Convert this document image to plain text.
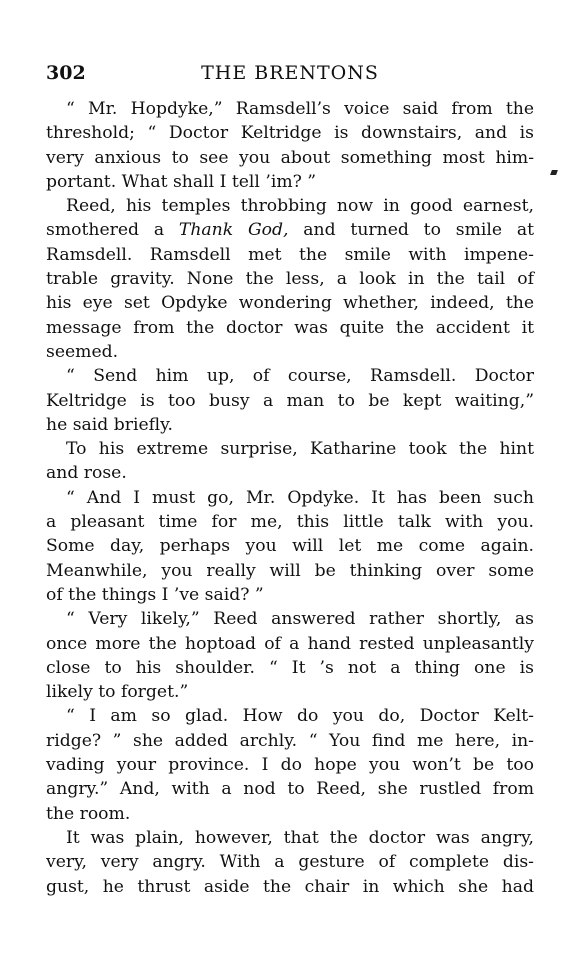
302	THE BRENTONS
“ Mr. Hopdyke,” Ramsdell’s voice said from the
threshold; “ Doctor Keltridge is downstairs, and is
very anxious to see you about something most him-
portant. What shall I tell ’im? ”
Reed, his temples throbbing now in good earnest,
smothered a Thank God, and turned to smile at
Ramsdell. Ramsdell met the smile with impene-
trable gravity. None the less, a look in the tail of
his eye set Opdyke wondering whether, indeed, the
message from the doctor was quite the accident it
seemed.
“ Send him up, of course, Ramsdell. Doctor
Keltridge is too busy a man to be kept waiting,”
he said briefly.
To his extreme surprise, Katharine took the hint
and rose.
“ And I must go, Mr. Opdyke. It has been such
a pleasant time for me, this little talk with you.
Some day, perhaps you will let me come again.
Meanwhile, you really will be thinking over some
of the things I ’ve said? ”
“ Very likely,” Reed answered rather shortly, as
once more the hoptoad of a hand rested unpleasantly
close to his shoulder. “ It ’s not a thing one is
likely to forget.”
“ I am so glad. How do you do, Doctor Kelt-
ridge? ” she added archly. “ You find me here, in-
vading your province. I do hope you won’t be too
angry.” And, with a nod to Reed, she rustled from
the room.
It was plain, however, that the doctor was angry,
very, very angry. With a gesture of complete dis-
gust, he thrust aside the chair in which she had
